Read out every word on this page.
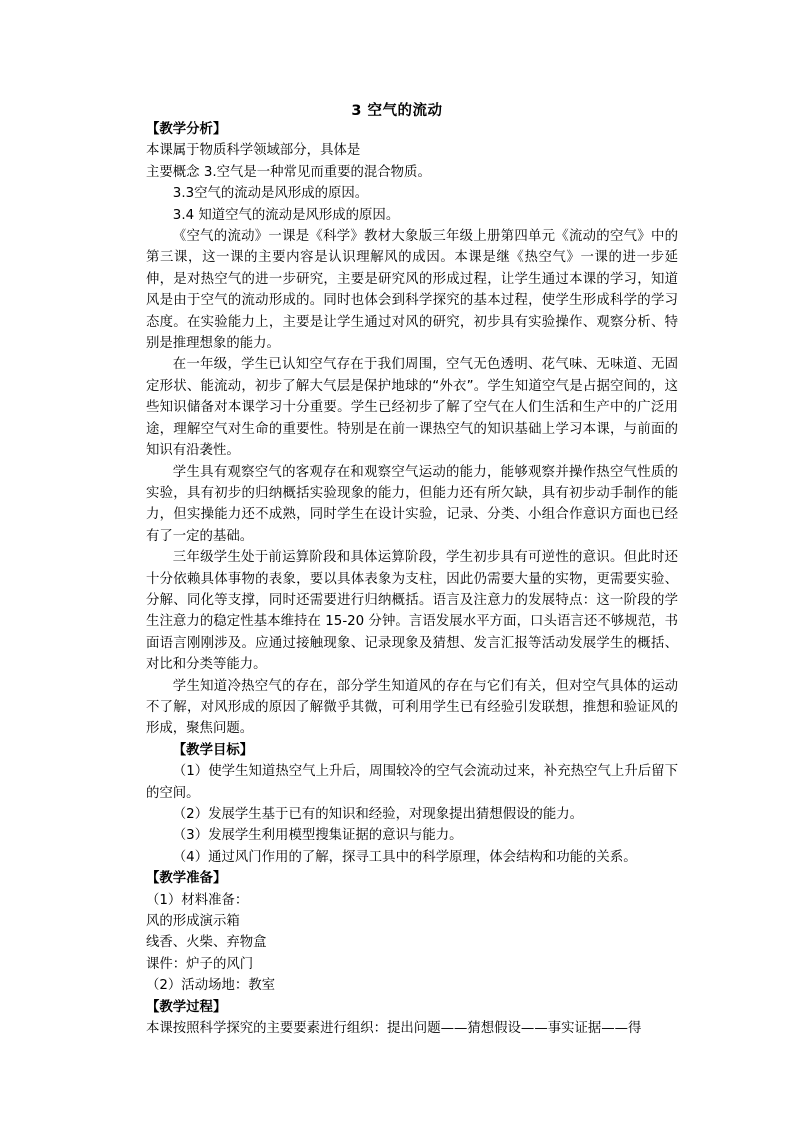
3 空气的流动

【教学分析】

本课属于物质科学领域部分，具体是

主要概念 3.空气是一种常见而重要的混合物质。

3.3空气的流动是风形成的原因。

3.4 知道空气的流动是风形成的原因。

《空气的流动》一课是《科学》教材大象版三年级上册第四单元《流动的空气》中的第三课，这一课的主要内容是认识理解风的成因。本课是继《热空气》一课的进一步延伸，是对热空气的进一步研究，主要是研究风的形成过程，让学生通过本课的学习，知道风是由于空气的流动形成的。同时也体会到科学探究的基本过程，使学生形成科学的学习态度。在实验能力上，主要是让学生通过对风的研究，初步具有实验操作、观察分析、特别是推理想象的能力。

在一年级，学生已认知空气存在于我们周围，空气无色透明、花气味、无味道、无固定形状、能流动，初步了解大气层是保护地球的“外衣”。学生知道空气是占据空间的，这些知识储备对本课学习十分重要。学生已经初步了解了空气在人们生活和生产中的广泛用途，理解空气对生命的重要性。特别是在前一课热空气的知识基础上学习本课，与前面的知识有沿袭性。

学生具有观察空气的客观存在和观察空气运动的能力，能够观察并操作热空气性质的实验，具有初步的归纳概括实验现象的能力，但能力还有所欠缺，具有初步动手制作的能力，但实操能力还不成熟，同时学生在设计实验，记录、分类、小组合作意识方面也已经有了一定的基础。

三年级学生处于前运算阶段和具体运算阶段，学生初步具有可逆性的意识。但此时还十分依赖具体事物的表象，要以具体表象为支柱，因此仍需要大量的实物，更需要实验、分解、同化等支撑，同时还需要进行归纳概括。语言及注意力的发展特点：这一阶段的学生注意力的稳定性基本维持在 15-20 分钟。言语发展水平方面，口头语言还不够规范，书面语言刚刚涉及。应通过接触现象、记录现象及猜想、发言汇报等活动发展学生的概括、对比和分类等能力。

学生知道冷热空气的存在，部分学生知道风的存在与它们有关，但对空气具体的运动不了解，对风形成的原因了解微乎其微，可利用学生已有经验引发联想，推想和验证风的形成，聚焦问题。

【教学目标】

（1）使学生知道热空气上升后，周围较冷的空气会流动过来，补充热空气上升后留下的空间。

（2）发展学生基于已有的知识和经验，对现象提出猜想假设的能力。

（3）发展学生利用模型搜集证据的意识与能力。

（4）通过风门作用的了解，探寻工具中的科学原理，体会结构和功能的关系。

【教学准备】

（1）材料准备：

风的形成演示箱

线香、火柴、弃物盒

课件：炉子的风门

（2）活动场地：教室

【教学过程】

本课按照科学探究的主要要素进行组织：提出问题——猜想假设——事实证据——得
